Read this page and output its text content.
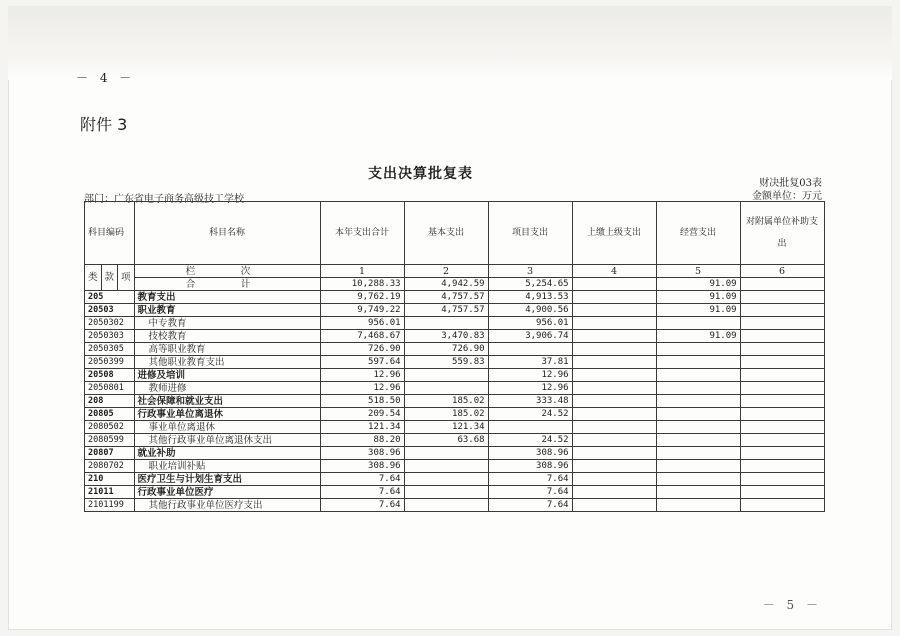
－ 4 －
附件 3
支出决算批复表
财决批复03表
金额单位：万元
部门：广东省电子商务高级技工学校
科目编码			科目名称	本年支出合计	基本支出	项目支出	上缴上级支出	经营支出	对附属单位补助支出
类	款	项	栏　次	1	2	3	4	5	6
			合　计	10,288.33	4,942.59	5,254.65		91.09	
205			教育支出	9,762.19	4,757.57	4,913.53		91.09	
20503			职业教育	9,749.22	4,757.57	4,900.56		91.09	
2050302			中专教育	956.01		956.01			
2050303			技校教育	7,468.67	3,470.83	3,906.74		91.09	
2050305			高等职业教育	726.90	726.90				
2050399			其他职业教育支出	597.64	559.83	37.81			
20508			进修及培训	12.96		12.96			
2050801			教师进修	12.96		12.96			
208			社会保障和就业支出	518.50	185.02	333.48			
20805			行政事业单位离退休	209.54	185.02	24.52			
2080502			事业单位离退休	121.34	121.34				
2080599			其他行政事业单位离退休支出	88.20	63.68	24.52			
20807			就业补助	308.96		308.96			
2080702			职业培训补贴	308.96		308.96			
210			医疗卫生与计划生育支出	7.64		7.64			
21011			行政事业单位医疗	7.64		7.64			
2101199			其他行政事业单位医疗支出	7.64		7.64			
－ 5 －
